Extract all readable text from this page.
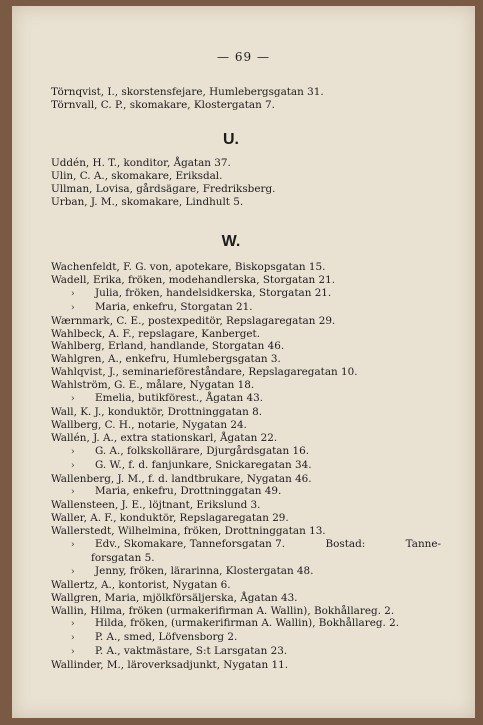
— 69 —
Törnqvist, I., skorstensfejare, Humlebergsgatan 31.
Törnvall, C. P., skomakare, Klostergatan 7.
U.
Uddén, H. T., konditor, Ågatan 37.
Ulin, C. A., skomakare, Eriksdal.
Ullman, Lovisa, gårdsägare, Fredriksberg.
Urban, J. M., skomakare, Lindhult 5.
W.
Wachenfeldt, F. G. von, apotekare, Biskopsgatan 15.
Wadell, Erika, fröken, modehandlerska, Storgatan 21.
› Julia, fröken, handelsidkerska, Storgatan 21.
› Maria, enkefru, Storgatan 21.
Wærnmark, C. E., postexpeditör, Repslagaregatan 29.
Wahlbeck, A. F., repslagare, Kanberget.
Wahlberg, Erland, handlande, Storgatan 46.
Wahlgren, A., enkefru, Humlebergsgatan 3.
Wahlqvist, J., seminarieföreståndare, Repslagaregatan 10.
Wahlström, G. E., målare, Nygatan 18.
› Emelia, butikförest., Ågatan 43.
Wall, K. J., konduktör, Drottninggatan 8.
Wallberg, C. H., notarie, Nygatan 24.
Wallén, J. A., extra stationskarl, Ågatan 22.
› G. A., folkskollärare, Djurgårdsgatan 16.
› G. W., f. d. fanjunkare, Snickaregatan 34.
Wallenberg, J. M., f. d. landtbrukare, Nygatan 46.
› Maria, enkefru, Drottninggatan 49.
Wallensteen, J. E., löjtnant, Erikslund 3.
Waller, A. F., konduktör, Repslagaregatan 29.
Wallerstedt, Wilhelmina, fröken, Drottninggatan 13.
› Edv., Skomakare, Tanneforsgatan 7.	Bostad:	Tanne-
forsgatan 5.
› Jenny, fröken, lärarinna, Klostergatan 48.
Wallertz, A., kontorist, Nygatan 6.
Wallgren, Maria, mjölkförsäljerska, Ågatan 43.
Wallin, Hilma, fröken (urmakerifirman A. Wallin), Bokhållareg. 2.
› Hilda, fröken, (urmakerifirman A. Wallin), Bokhållareg. 2.
› P. A., smed, Löfvensborg 2.
› P. A., vaktmästare, S:t Larsgatan 23.
Wallinder, M., läroverksadjunkt, Nygatan 11.
